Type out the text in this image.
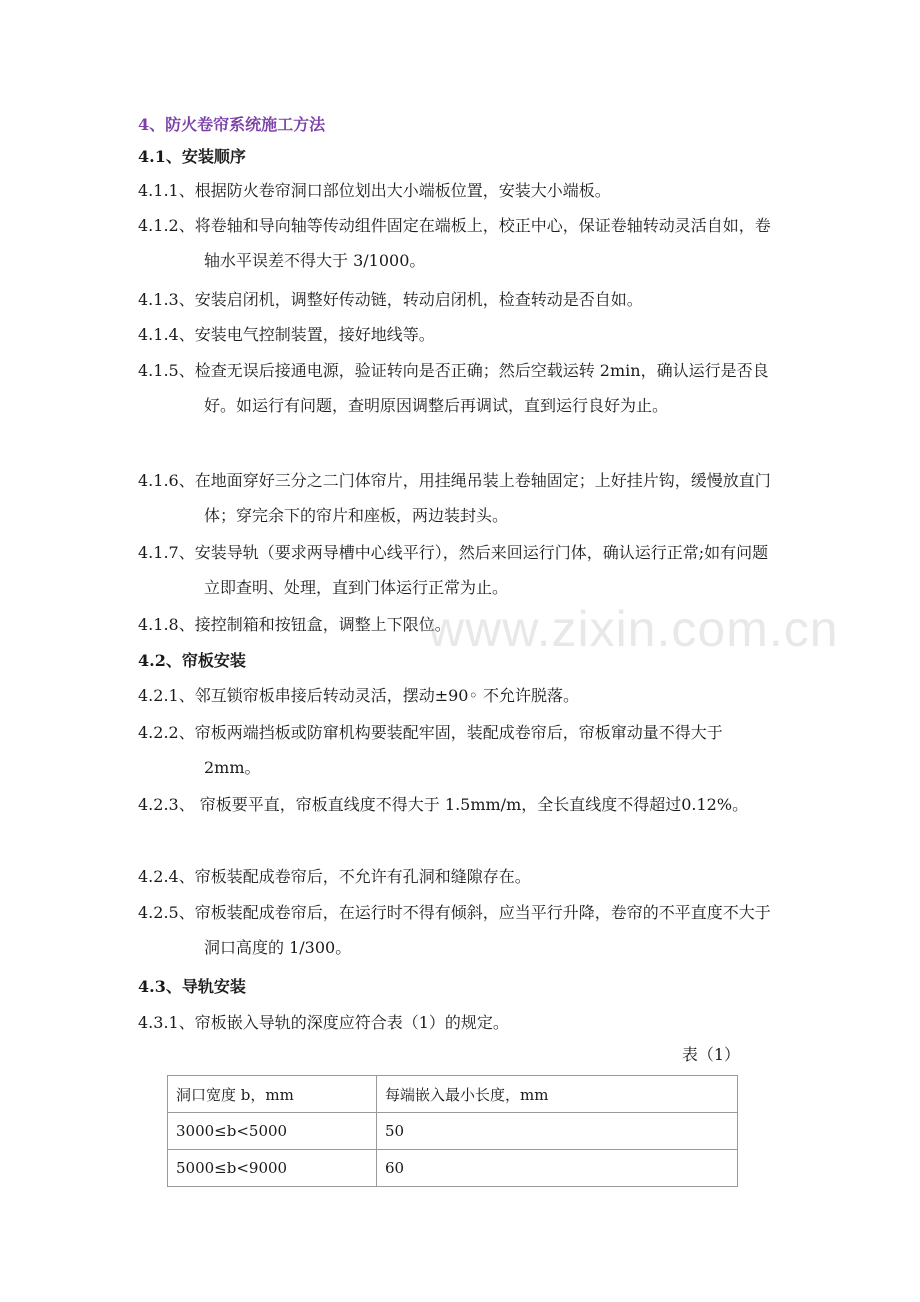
4、防火卷帘系统施工方法
4.1、安装顺序
4.1.1、根据防火卷帘洞口部位划出大小端板位置，安装大小端板。
4.1.2、将卷轴和导向轴等传动组件固定在端板上，校正中心，保证卷轴转动灵活自如，卷轴水平误差不得大于 3/1000。
4.1.3、安装启闭机，调整好传动链，转动启闭机，检查转动是否自如。
4.1.4、安装电气控制装置，接好地线等。
4.1.5、检查无误后接通电源，验证转向是否正确；然后空载运转 2min，确认运行是否良好。如运行有问题，查明原因调整后再调试，直到运行良好为止。
4.1.6、在地面穿好三分之二门体帘片，用挂绳吊装上卷轴固定；上好挂片钩，缓慢放直门体；穿完余下的帘片和座板，两边装封头。
4.1.7、安装导轨（要求两导槽中心线平行），然后来回运行门体，确认运行正常;如有问题立即查明、处理，直到门体运行正常为止。
4.1.8、接控制箱和按钮盒，调整上下限位。
4.2、帘板安装
4.2.1、邻互锁帘板串接后转动灵活，摆动±90◦ 不允许脱落。
4.2.2、帘板两端挡板或防窜机构要装配牢固，装配成卷帘后，帘板窜动量不得大于 2mm。
4.2.3、 帘板要平直，帘板直线度不得大于 1.5mm/m，全长直线度不得超过0.12%。
4.2.4、帘板装配成卷帘后，不允许有孔洞和缝隙存在。
4.2.5、帘板装配成卷帘后，在运行时不得有倾斜，应当平行升降，卷帘的不平直度不大于洞口高度的 1/300。
4.3、导轨安装
4.3.1、帘板嵌入导轨的深度应符合表（1）的规定。
表（1）
洞口宽度 b，mm	每端嵌入最小长度，mm
3000≤b<5000	50
5000≤b<9000	60
www.zixin.com.cn
